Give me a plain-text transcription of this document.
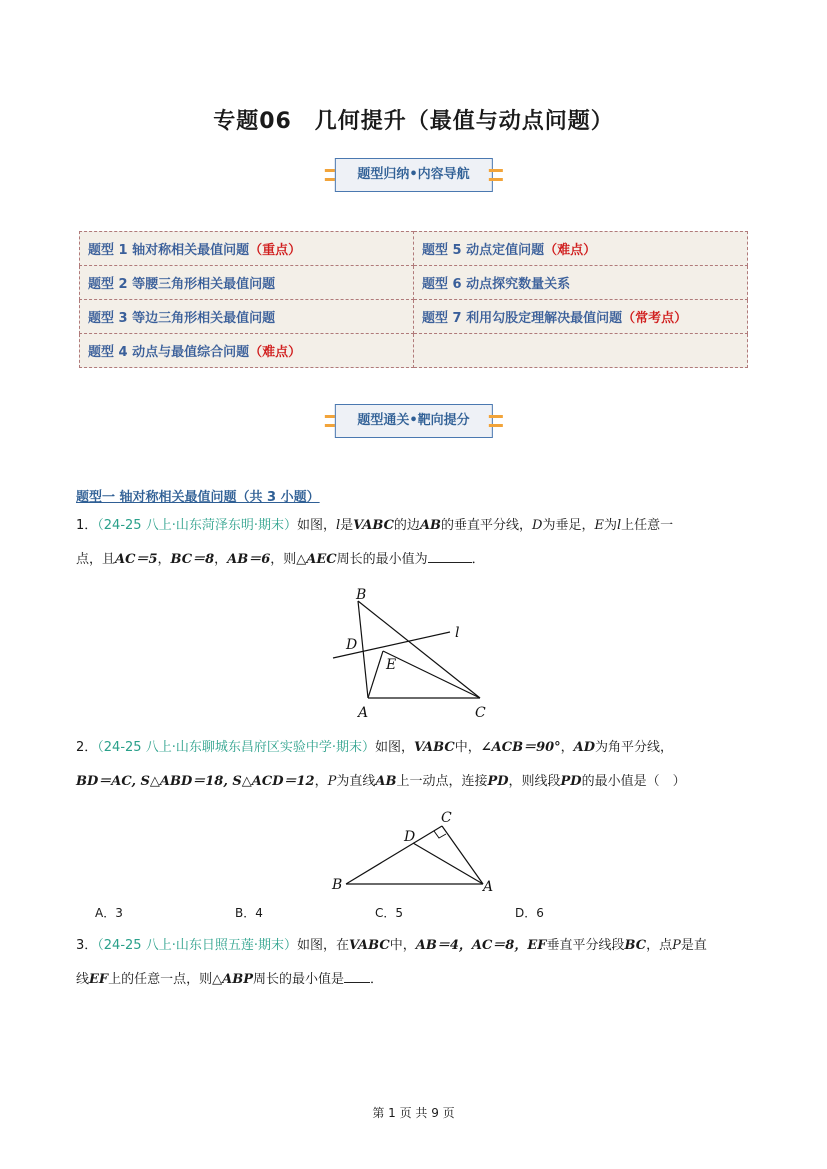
专题06　几何提升（最值与动点问题）
题型归纳•内容导航
题型 1 轴对称相关最值问题（重点）	题型 5 动点定值问题（难点）
题型 2 等腰三角形相关最值问题	题型 6 动点探究数量关系
题型 3 等边三角形相关最值问题	题型 7 利用勾股定理解决最值问题（常考点）
题型 4 动点与最值综合问题（难点）	
题型通关•靶向提分
题型一 轴对称相关最值问题（共 3 小题）
1．（24-25 八上·山东菏泽东明·期末）如图，l是VABC的边AB的垂直平分线，D为垂足，E为l上任意一
点，且AC＝5，BC＝8，AB＝6，则△AEC周长的最小值为	．
B
D
l
E
A	C
2．（24-25 八上·山东聊城东昌府区实验中学·期末）如图，VABC中，∠ACB＝90°，AD为角平分线，
BD＝AC, S△ABD＝18, S△ACD＝12，P为直线AB上一动点，连接PD，则线段PD的最小值是（　）
C
D
B	A
A．3	B．4	C．5	D．6
3．（24-25 八上·山东日照五莲·期末）如图，在VABC中，AB＝4，AC＝8，EF垂直平分线段BC，点P是直
线EF上的任意一点，则△ABP周长的最小值是 ．
第 1 页 共 9 页
